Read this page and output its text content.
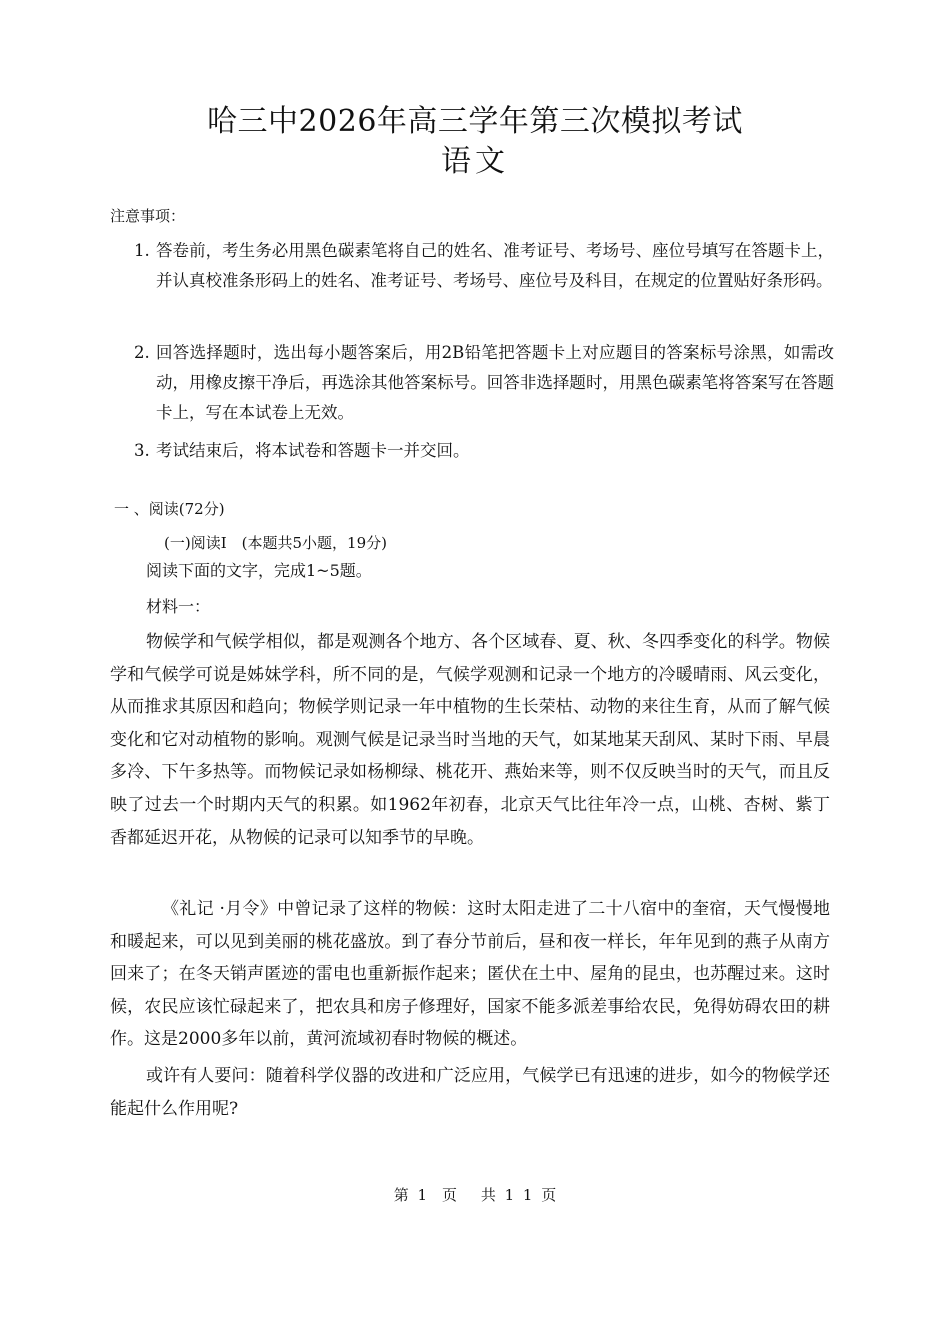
哈三中2026年高三学年第三次模拟考试
语文
注意事项：
1. 答卷前，考生务必用黑色碳素笔将自己的姓名、准考证号、考场号、座位号填写在答题卡上，并认真校准条形码上的姓名、准考证号、考场号、座位号及科目，在规定的位置贴好条形码。
2. 回答选择题时，选出每小题答案后，用2B铅笔把答题卡上对应题目的答案标号涂黑，如需改动，用橡皮擦干净后，再选涂其他答案标号。回答非选择题时，用黑色碳素笔将答案写在答题卡上，写在本试卷上无效。
3. 考试结束后，将本试卷和答题卡一并交回。
一 、阅读(72分)
(一)阅读I　(本题共5小题，19分)
阅读下面的文字，完成1~5题。
材料一：
物候学和气候学相似，都是观测各个地方、各个区域春、夏、秋、冬四季变化的科学。物候学和气候学可说是姊妹学科，所不同的是，气候学观测和记录一个地方的冷暖晴雨、风云变化，从而推求其原因和趋向；物候学则记录一年中植物的生长荣枯、动物的来往生育，从而了解气候变化和它对动植物的影响。观测气候是记录当时当地的天气，如某地某天刮风、某时下雨、早晨多冷、下午多热等。而物候记录如杨柳绿、桃花开、燕始来等，则不仅反映当时的天气，而且反映了过去一个时期内天气的积累。如1962年初春，北京天气比往年冷一点，山桃、杏树、紫丁香都延迟开花，从物候的记录可以知季节的早晚。
《礼记 ·月令》中曾记录了这样的物候：这时太阳走进了二十八宿中的奎宿，天气慢慢地和暖起来，可以见到美丽的桃花盛放。到了春分节前后，昼和夜一样长，年年见到的燕子从南方回来了；在冬天销声匿迹的雷电也重新振作起来；匿伏在土中、屋角的昆虫，也苏醒过来。这时候，农民应该忙碌起来了，把农具和房子修理好，国家不能多派差事给农民，免得妨碍农田的耕作。这是2000多年以前，黄河流域初春时物候的概述。
或许有人要问：随着科学仪器的改进和广泛应用，气候学已有迅速的进步，如今的物候学还能起什么作用呢?
第 1　页　 共 1 1 页
